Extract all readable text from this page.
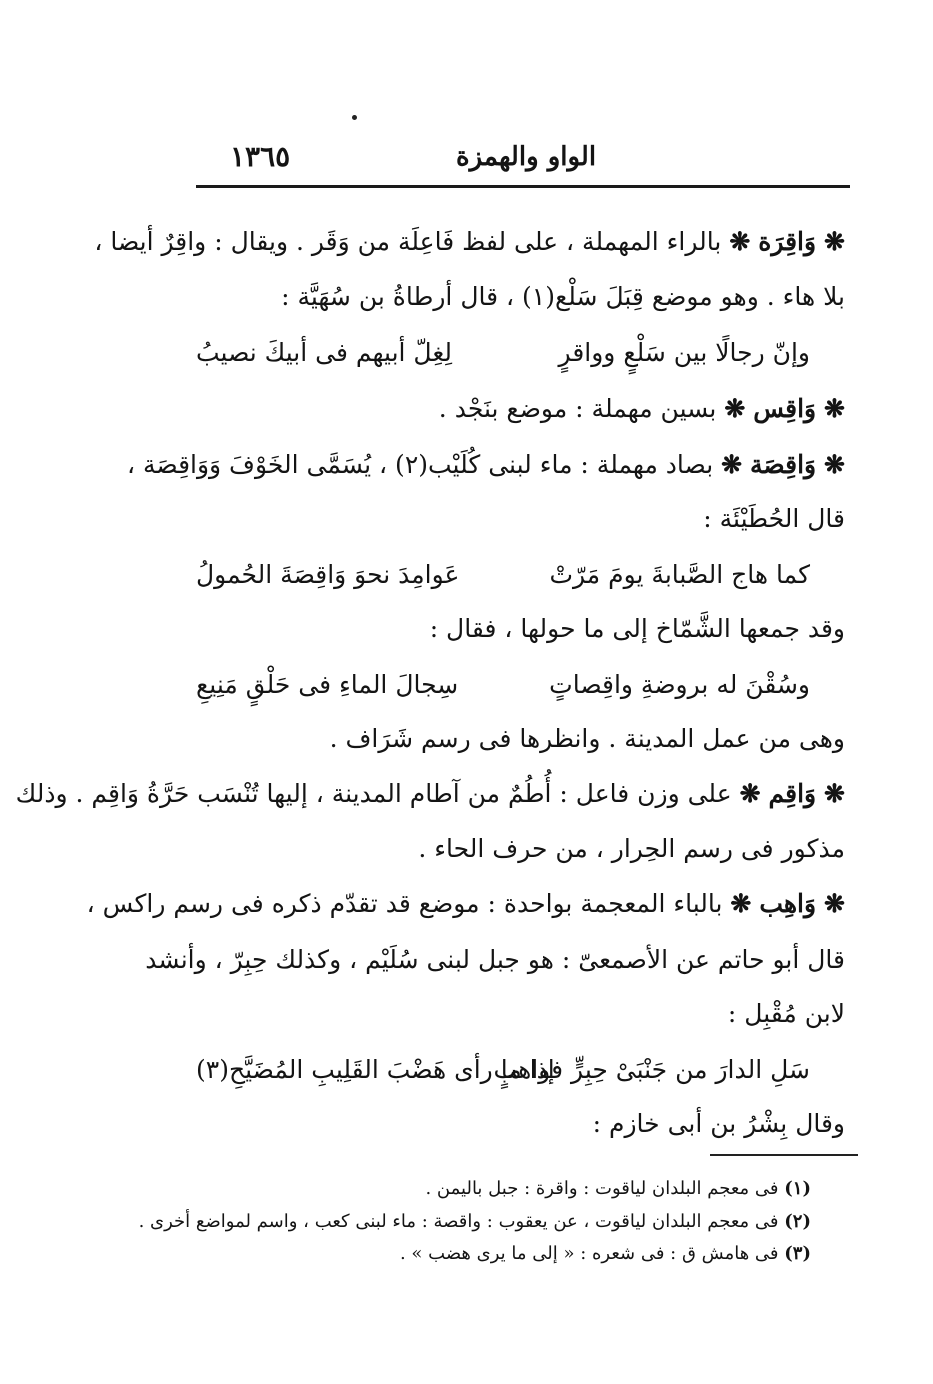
الواو والهمزة
١٣٦٥
❋ وَاقِرَة ❋ بالراء المهملة ، على لفظ فَاعِلَة من وَقَر . ويقال : واقِرٌ أيضا ،
بلا هاء . وهو موضع قِبَلَ سَلْع(١) ، قال أرطاةُ بن سُهَيَّة :
وإنّ رجالًا بين سَلْعٍ وواقرٍ
لِغِلّ أبيهم فى أبيكَ نصيبُ
❋ وَاقِس ❋ بسين مهملة : موضع بنَجْد .
❋ وَاقِصَة ❋ بصاد مهملة : ماء لبنى كُلَيْب(٢) ، يُسَمَّى الخَوْفَ وَوَاقِصَة ،
قال الحُطَيْئَة :
كما هاج الصَّبابةَ يومَ مَرّتْ
عَوامِدَ نحوَ وَاقِصَةَ الحُمولُ
وقد جمعها الشَّمّاخ إلى ما حولها ، فقال :
وسُقْنَ له بروضةِ واقِصاتٍ
سِجالَ الماءِ فى حَلْقٍ مَنِيعِ
وهى من عمل المدينة . وانظرها فى رسم شَرَاف .
❋ وَاقِم ❋ على وزن فاعل : أُطُمٌ من آطام المدينة ، إليها تُنْسَب حَرَّةُ وَاقِم . وذلك
مذكور فى رسم الحِرار ، من حرف الحاء .
❋ وَاهِب ❋ بالباء المعجمة بواحدة : موضع قد تقدّم ذكره فى رسم راكس ،
قال أبو حاتم عن الأصمعىّ : هو جبل لبنى سُلَيْم ، وكذلك حِبِرّ ، وأنشد
لابن مُقْبِل :
سَلِ الدارَ من جَنْبَىْ حِبِرٍّ فواهبٍ
إذا ما رأى هَضْبَ القَلِيبِ المُضَيَّحِ(٣)
وقال بِشْرُ بن أبى خازم :
(١) فى معجم البلدان لياقوت : واقرة : جبل باليمن .
(٢) فى معجم البلدان لياقوت ، عن يعقوب : واقصة : ماء لبنى كعب ، واسم لمواضع أخرى .
(٣) فى هامش ق : فى شعره : « إلى ما يرى هضب » .
